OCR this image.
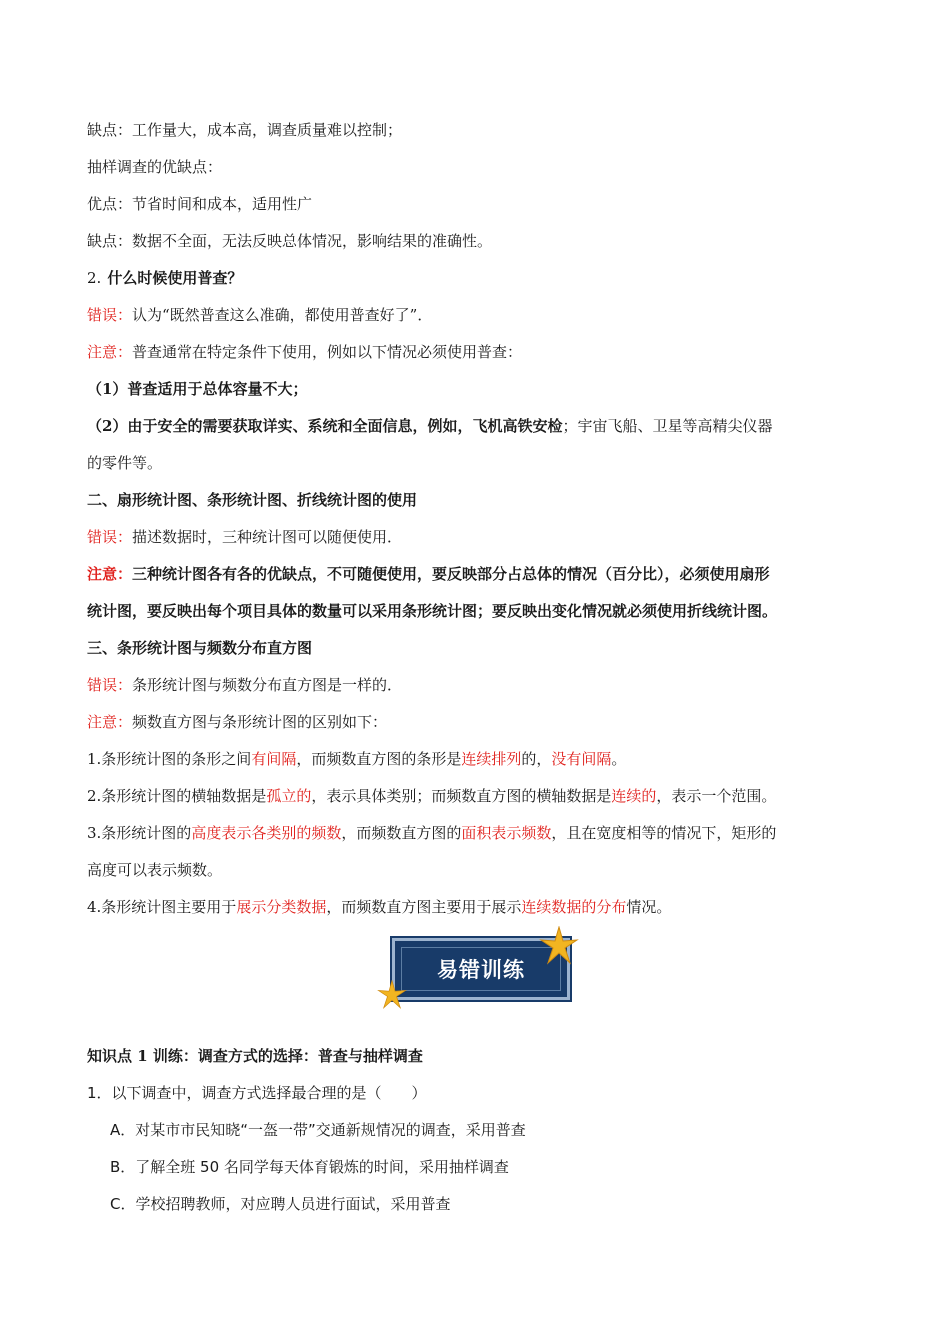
缺点：工作量大，成本高，调查质量难以控制；
抽样调查的优缺点：
优点：节省时间和成本，适用性广
缺点：数据不全面，无法反映总体情况，影响结果的准确性。
2. 什么时候使用普查？
错误：认为“既然普查这么准确，都使用普查好了”．
注意：普查通常在特定条件下使用，例如以下情况必须使用普查：
（1）普查适用于总体容量不大；
（2）由于安全的需要获取详实、系统和全面信息，例如，飞机高铁安检；宇宙飞船、卫星等高精尖仪器
的零件等。
二、扇形统计图、条形统计图、折线统计图的使用
错误：描述数据时，三种统计图可以随便使用．
注意：三种统计图各有各的优缺点，不可随便使用，要反映部分占总体的情况（百分比），必须使用扇形
统计图，要反映出每个项目具体的数量可以采用条形统计图；要反映出变化情况就必须使用折线统计图。
三、条形统计图与频数分布直方图
错误：条形统计图与频数分布直方图是一样的．
注意：频数直方图与条形统计图的区别如下：
1.条形统计图的条形之间有间隔，而频数直方图的条形是连续排列的，没有间隔。
2.条形统计图的横轴数据是孤立的，表示具体类别；而频数直方图的横轴数据是连续的，表示一个范围。
3.条形统计图的高度表示各类别的频数，而频数直方图的面积表示频数，且在宽度相等的情况下，矩形的
高度可以表示频数。
4.条形统计图主要用于展示分类数据，而频数直方图主要用于展示连续数据的分布情况。
易错训练
知识点 1 训练：调查方式的选择：普查与抽样调查
1．以下调查中，调查方式选择最合理的是（　　）
A．对某市市民知晓“一盔一带”交通新规情况的调查，采用普查
B．了解全班 50 名同学每天体育锻炼的时间，采用抽样调查
C．学校招聘教师，对应聘人员进行面试，采用普查
